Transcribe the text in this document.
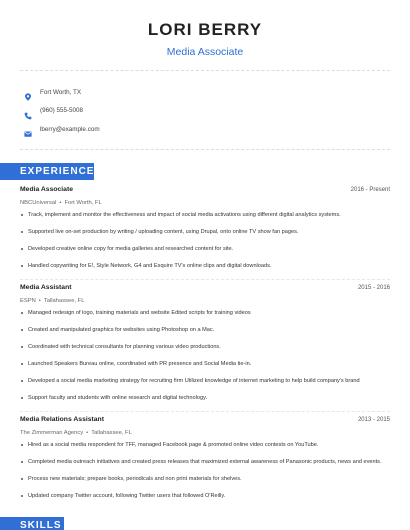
LORI BERRY
Media Associate
Fort Worth, TX
(960) 555-5008
lberry@example.com
EXPERIENCE
Media Associate	2016 - Present
NBCUniversal • Fort Worth, FL
Track, implement and monitor the effectiveness and impact of social media activations using different digital analytics systems.
Supported live on-set production by writing / uploading content, using Drupal, onto online TV show fan pages.
Developed creative online copy for media galleries and researched content for site.
Handled copywriting for E!, Style Network, G4 and Esquire TV's online clips and digital downloads.
Media Assistant	2015 - 2016
ESPN • Tallahassee, FL
Managed redesign of logo, training materials and website Edited scripts for training videos
Created and manipulated graphics for websites using Photoshop on a Mac.
Coordinated with technical consultants for planning various video productions.
Launched Speakers Bureau online, coordinated with PR presence and Social Media tie-in.
Developed a social media marketing strategy for recruiting firm Utilized knowledge of internet marketing to help build company's brand
Support faculty and students with online research and digital technology.
Media Relations Assistant	2013 - 2015
The Zimmerman Agency • Tallahassee, FL
Hired as a social media respondent for TFF, managed Facebook page & promoted online video contests on YouTube.
Completed media outreach initiatives and created press releases that maximized external awareness of Panasonic products, news and events.
Process new materials; prepare books, periodicals and non print materials for shelves.
Updated company Twitter account, following Twitter users that followed O'Reilly.
SKILLS
